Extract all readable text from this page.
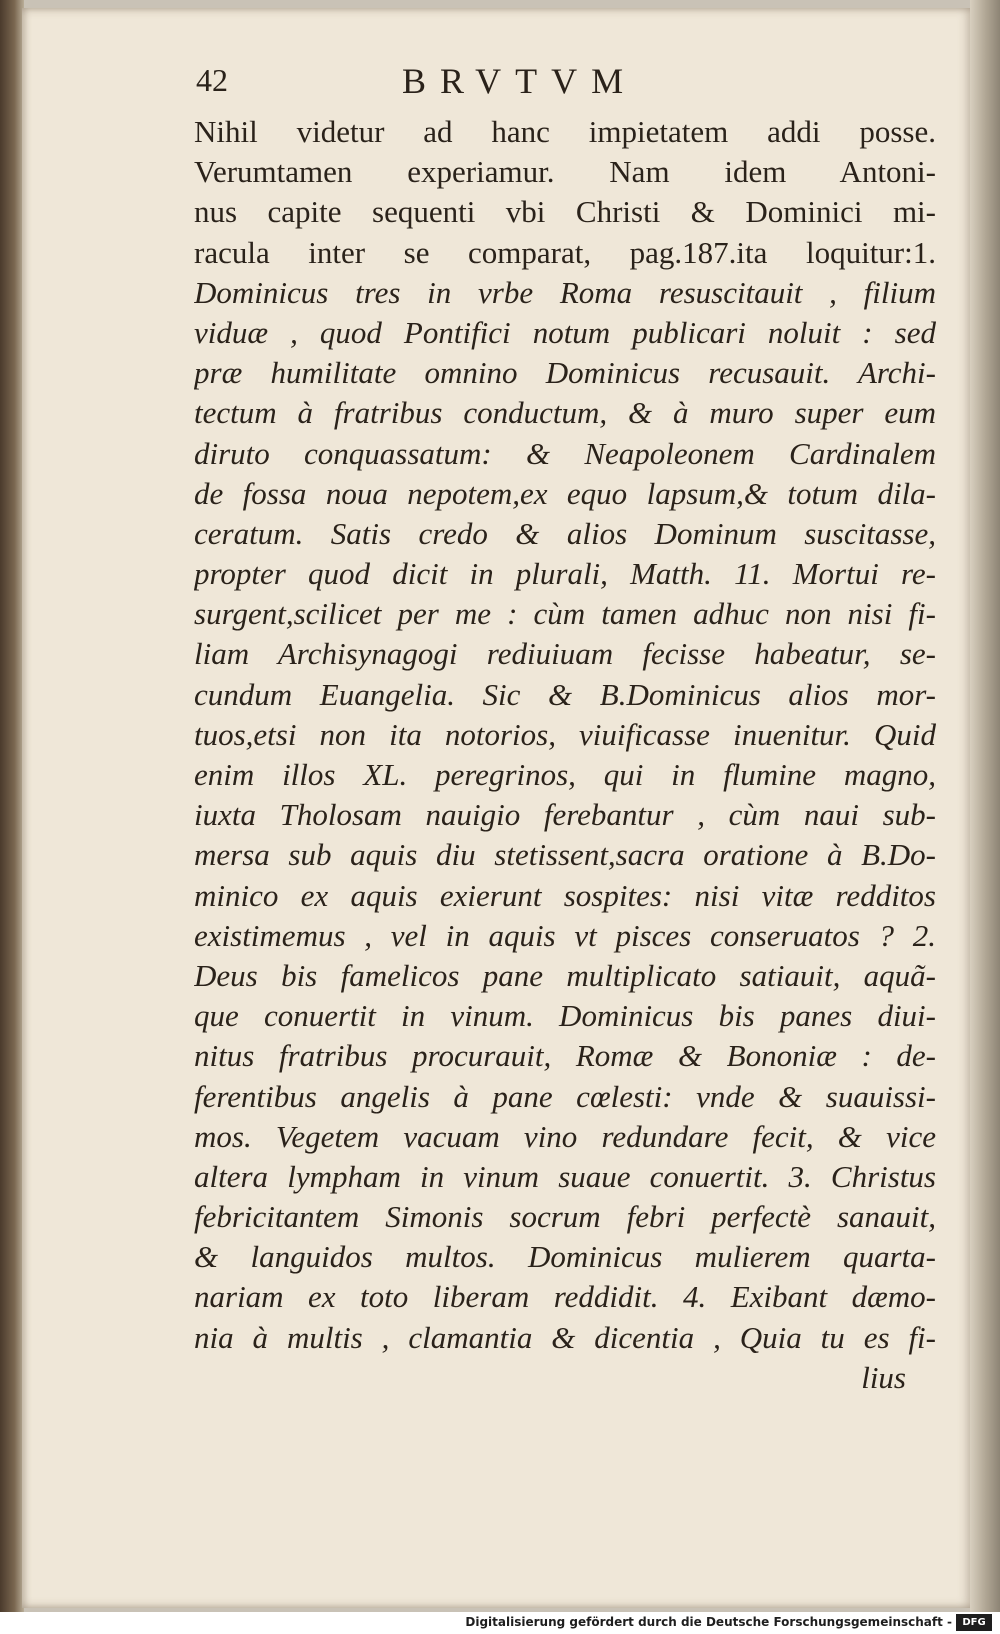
42	BRVTVM
Nihil videtur ad hanc impietatem addi posse.
Verumtamen experiamur. Nam idem Antoni-
nus capite sequenti vbi Christi & Dominici mi-
racula inter se comparat, pag.187.ita loquitur:1.
Dominicus tres in vrbe Roma resuscitauit , filium
viduæ , quod Pontifici notum publicari noluit : sed
præ humilitate omnino Dominicus recusauit. Archi-
tectum à fratribus conductum, & à muro super eum
diruto conquassatum: & Neapoleonem Cardinalem
de fossa noua nepotem,ex equo lapsum,& totum dila-
ceratum. Satis credo & alios Dominum suscitasse,
propter quod dicit in plurali, Matth. 11. Mortui re-
surgent,scilicet per me : cùm tamen adhuc non nisi fi-
liam Archisynagogi rediuiuam fecisse habeatur, se-
cundum Euangelia. Sic & B.Dominicus alios mor-
tuos,etsi non ita notorios, viuificasse inuenitur. Quid
enim illos XL. peregrinos, qui in flumine magno,
iuxta Tholosam nauigio ferebantur , cùm naui sub-
mersa sub aquis diu stetissent,sacra oratione à B.Do-
minico ex aquis exierunt sospites: nisi vitæ redditos
existimemus , vel in aquis vt pisces conseruatos ? 2.
Deus bis famelicos pane multiplicato satiauit, aquã-
que conuertit in vinum. Dominicus bis panes diui-
nitus fratribus procurauit, Romæ & Bononiæ : de-
ferentibus angelis à pane cœlesti: vnde & suauissi-
mos. Vegetem vacuam vino redundare fecit, & vice
altera lympham in vinum suaue conuertit. 3. Christus
febricitantem Simonis socrum febri perfectè sanauit,
& languidos multos. Dominicus mulierem quarta-
nariam ex toto liberam reddidit. 4. Exibant dæmo-
nia à multis , clamantia & dicentia , Quia tu es fi-
lius
Digitalisierung gefördert durch die Deutsche Forschungsgemeinschaft -	DFG
